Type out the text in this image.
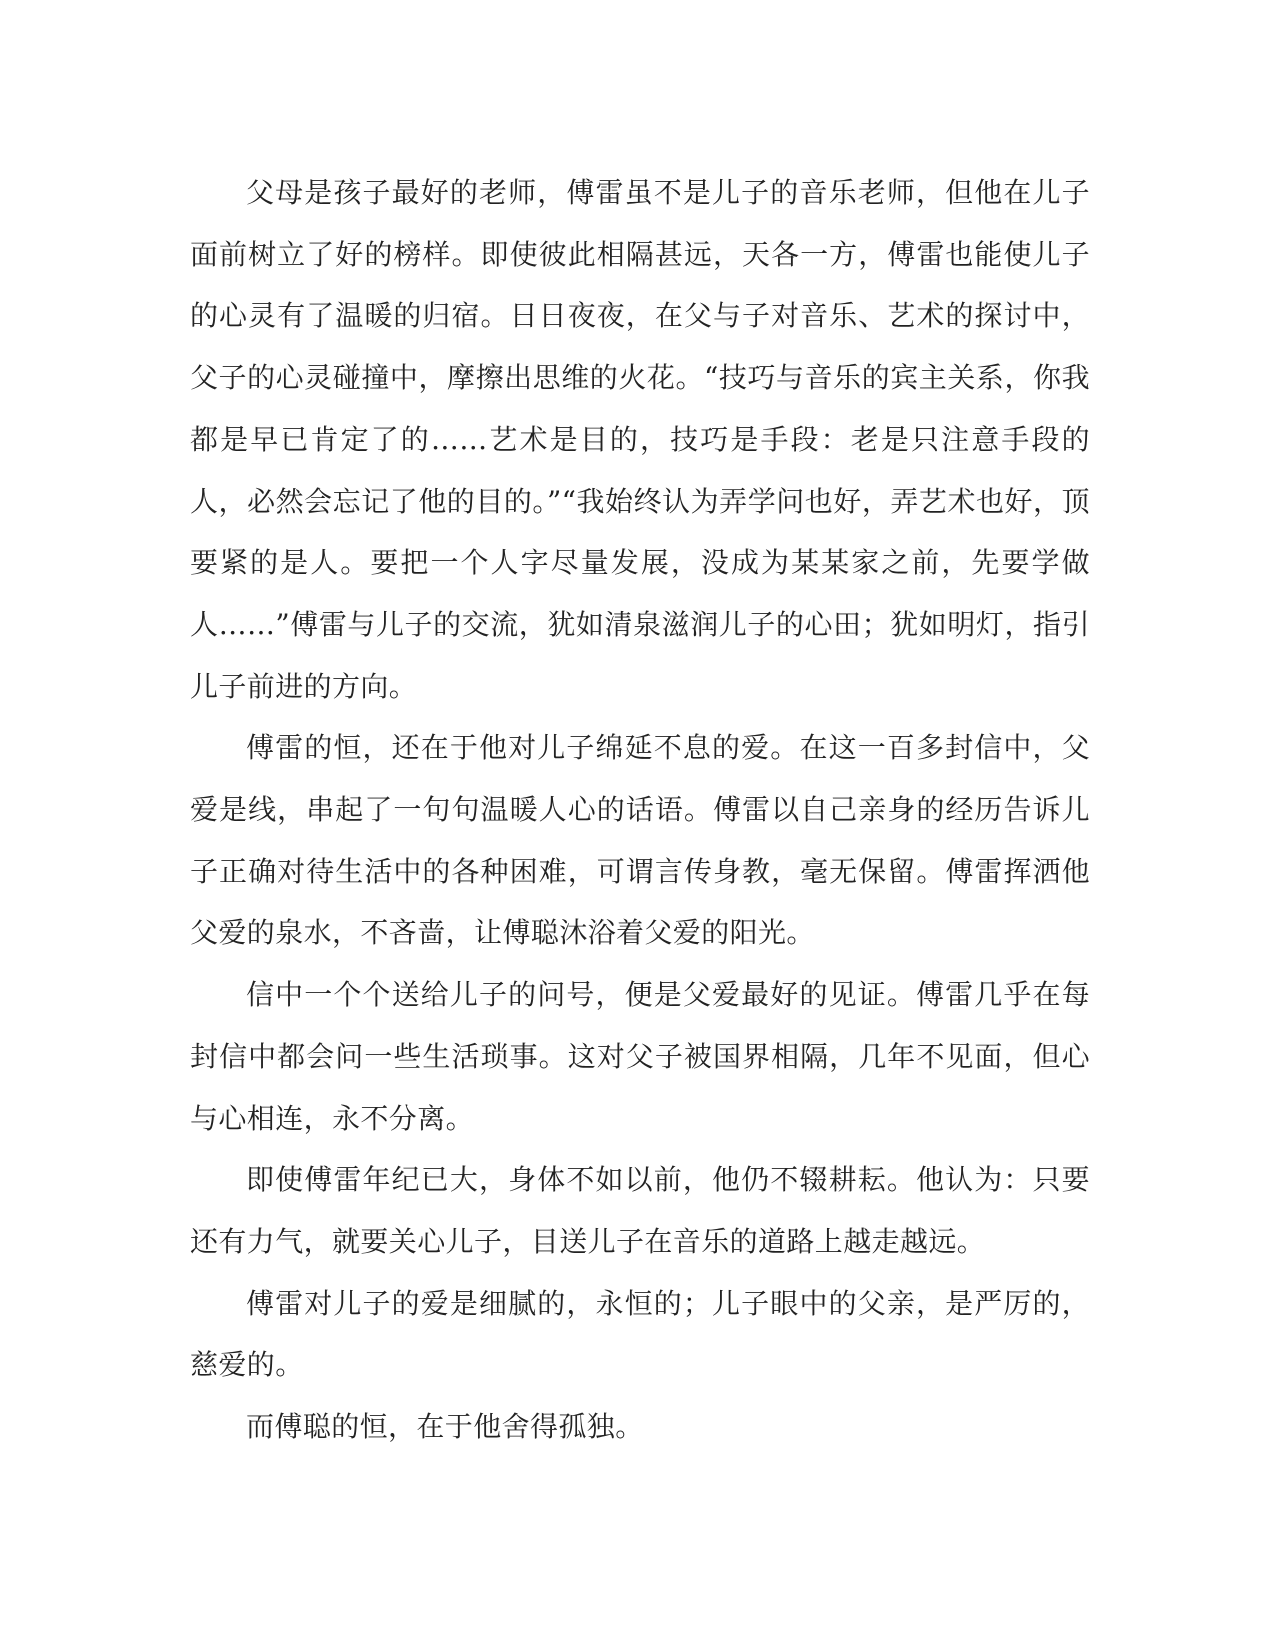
父母是孩子最好的老师，傅雷虽不是儿子的音乐老师，但他在儿子面前树立了好的榜样。即使彼此相隔甚远，天各一方，傅雷也能使儿子的心灵有了温暖的归宿。日日夜夜，在父与子对音乐、艺术的探讨中，父子的心灵碰撞中，摩擦出思维的火花。“技巧与音乐的宾主关系，你我都是早已肯定了的……艺术是目的，技巧是手段：老是只注意手段的人，必然会忘记了他的目的。”“我始终认为弄学问也好，弄艺术也好，顶要紧的是人。要把一个人字尽量发展，没成为某某家之前，先要学做人……”傅雷与儿子的交流，犹如清泉滋润儿子的心田；犹如明灯，指引儿子前进的方向。

傅雷的恒，还在于他对儿子绵延不息的爱。在这一百多封信中，父爱是线，串起了一句句温暖人心的话语。傅雷以自己亲身的经历告诉儿子正确对待生活中的各种困难，可谓言传身教，毫无保留。傅雷挥洒他父爱的泉水，不吝啬，让傅聪沐浴着父爱的阳光。

信中一个个送给儿子的问号，便是父爱最好的见证。傅雷几乎在每封信中都会问一些生活琐事。这对父子被国界相隔，几年不见面，但心与心相连，永不分离。

即使傅雷年纪已大，身体不如以前，他仍不辍耕耘。他认为：只要还有力气，就要关心儿子，目送儿子在音乐的道路上越走越远。

傅雷对儿子的爱是细腻的，永恒的；儿子眼中的父亲，是严厉的，慈爱的。

而傅聪的恒，在于他舍得孤独。
